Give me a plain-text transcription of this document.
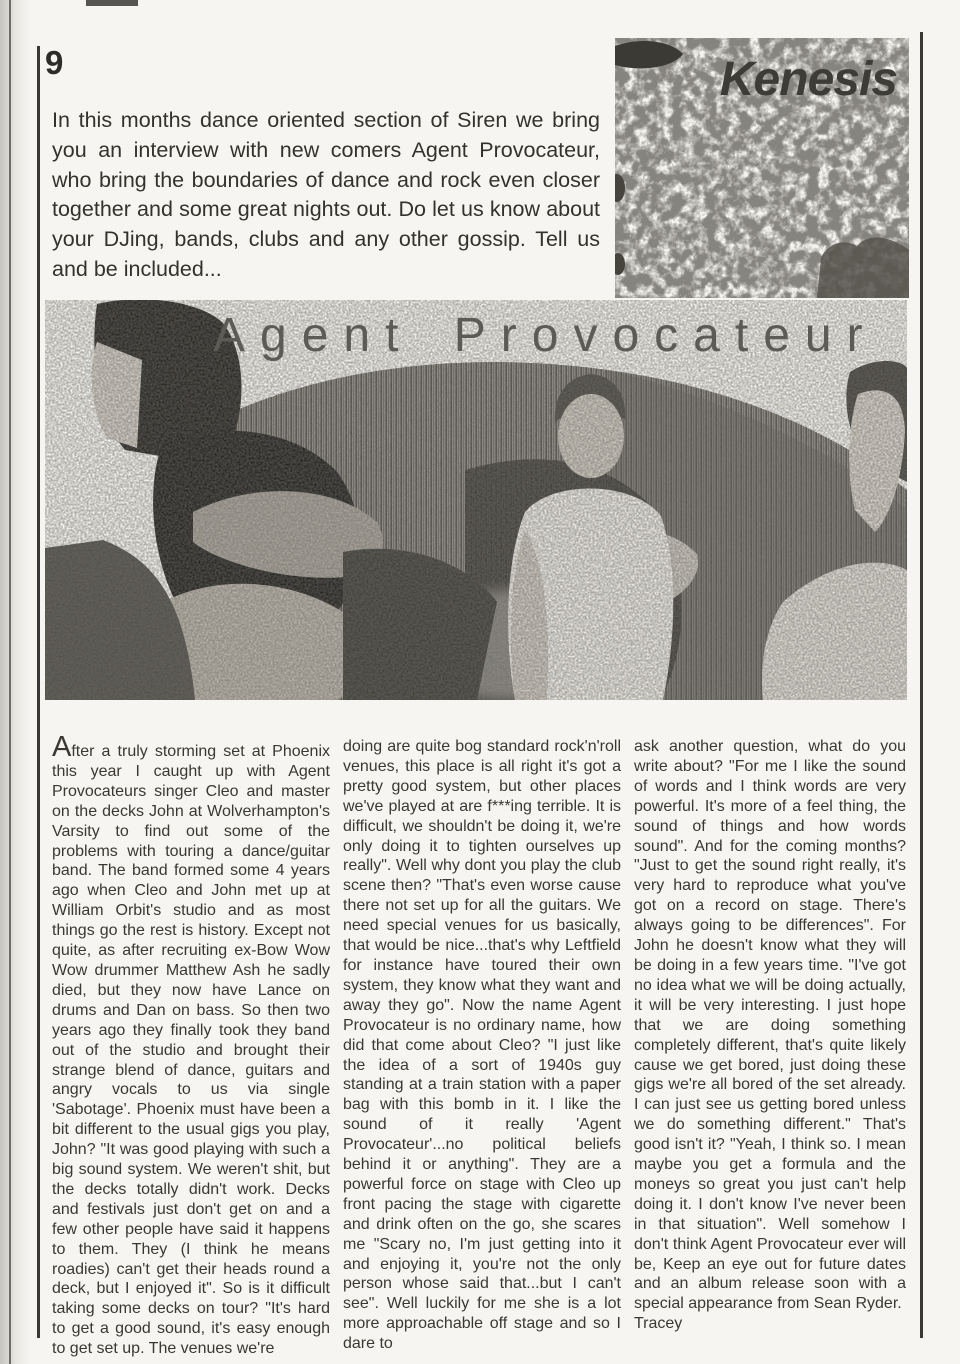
9

In this months dance oriented section of Siren we bring you an interview with new comers Agent Provocateur, who bring the boundaries of dance and rock even closer together and some great nights out. Do let us know about your DJing, bands, clubs and any other gossip. Tell us and be included...

Kenesis
Agent Provocateur

After a truly storming set at Phoenix this year I caught up with Agent Provocateurs singer Cleo and master on the decks John at Wolverhampton's Varsity to find out some of the problems with touring a dance/guitar band. The band formed some 4 years ago when Cleo and John met up at William Orbit's studio and as most things go the rest is history. Except not quite, as after recruiting ex-Bow Wow Wow drummer Matthew Ash he sadly died, but they now have Lance on drums and Dan on bass. So then two years ago they finally took they band out of the studio and brought their strange blend of dance, guitars and angry vocals to us via single 'Sabotage'. Phoenix must have been a bit different to the usual gigs you play, John? "It was good playing with such a big sound system. We weren't shit, but the decks totally didn't work. Decks and festivals just don't get on and a few other people have said it happens to them. They (I think he means roadies) can't get their heads round a deck, but I enjoyed it". So is it difficult taking some decks on tour? "It's hard to get a good sound, it's easy enough to get set up. The venues we're

doing are quite bog standard rock'n'roll venues, this place is all right it's got a pretty good system, but other places we've played at are f***ing terrible. It is difficult, we shouldn't be doing it, we're only doing it to tighten ourselves up really". Well why dont you play the club scene then? "That's even worse cause there not set up for all the guitars. We need special venues for us basically, that would be nice...that's why Leftfield for instance have toured their own system, they know what they want and away they go". Now the name Agent Provocateur is no ordinary name, how did that come about Cleo? "I just like the idea of a sort of 1940s guy standing at a train station with a paper bag with this bomb in it. I like the sound of it really 'Agent Provocateur'...no political beliefs behind it or anything". They are a powerful force on stage with Cleo up front pacing the stage with cigarette and drink often on the go, she scares me "Scary no, I'm just getting into it and enjoying it, you're not the only person whose said that...but I can't see". Well luckily for me she is a lot more approachable off stage and so I dare to

ask another question, what do you write about? "For me I like the sound of words and I think words are very powerful. It's more of a feel thing, the sound of things and how words sound". And for the coming months? "Just to get the sound right really, it's very hard to reproduce what you've got on a record on stage. There's always going to be differences". For John he doesn't know what they will be doing in a few years time. "I've got no idea what we will be doing actually, it will be very interesting. I just hope that we are doing something completely different, that's quite likely cause we get bored, just doing these gigs we're all bored of the set already. I can just see us getting bored unless we do something different." That's good isn't it? "Yeah, I think so. I mean maybe you get a formula and the moneys so great you just can't help doing it. I don't know I've never been in that situation". Well somehow I don't think Agent Provocateur ever will be, Keep an eye out for future dates and an album release soon with a special appearance from Sean Ryder.

Tracey
